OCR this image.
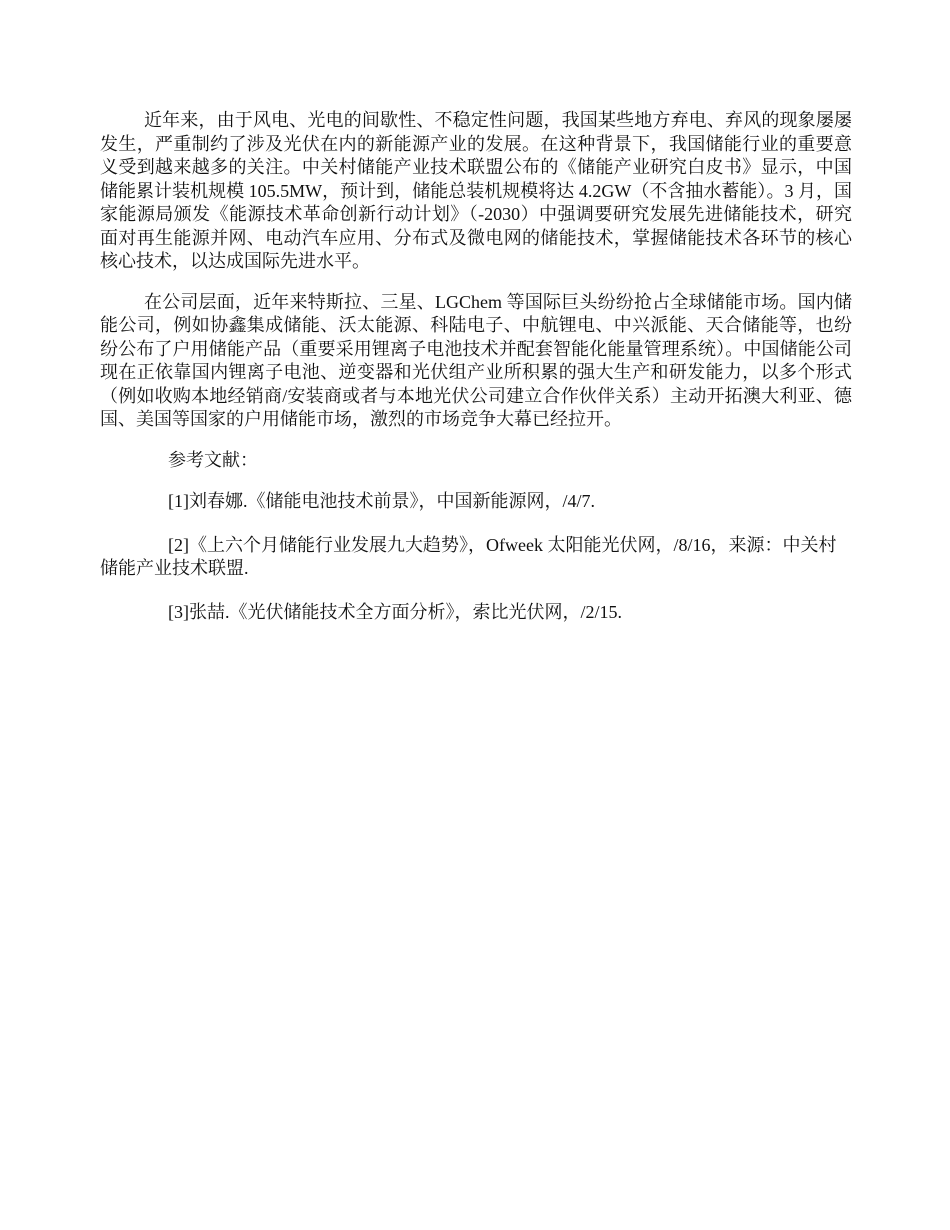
近年来，由于风电、光电的间歇性、不稳定性问题，我国某些地方弃电、弃风的现象屡屡发生，严重制约了涉及光伏在内的新能源产业的发展。在这种背景下，我国储能行业的重要意义受到越来越多的关注。中关村储能产业技术联盟公布的《储能产业研究白皮书》显示，中国储能累计装机规模 105.5MW，预计到，储能总装机规模将达 4.2GW（不含抽水蓄能）。3 月，国家能源局颁发《能源技术革命创新行动计划》（-2030）中强调要研究发展先进储能技术，研究面对再生能源并网、电动汽车应用、分布式及微电网的储能技术，掌握储能技术各环节的核心核心技术，以达成国际先进水平。

在公司层面，近年来特斯拉、三星、LGChem 等国际巨头纷纷抢占全球储能市场。国内储能公司，例如协鑫集成储能、沃太能源、科陆电子、中航锂电、中兴派能、天合储能等，也纷纷公布了户用储能产品（重要采用锂离子电池技术并配套智能化能量管理系统）。中国储能公司现在正依靠国内锂离子电池、逆变器和光伏组产业所积累的强大生产和研发能力，以多个形式（例如收购本地经销商/安装商或者与本地光伏公司建立合作伙伴关系）主动开拓澳大利亚、德国、美国等国家的户用储能市场，激烈的市场竞争大幕已经拉开。

参考文献：

[1]刘春娜.《储能电池技术前景》，中国新能源网，/4/7.

[2]《上六个月储能行业发展九大趋势》，Ofweek 太阳能光伏网，/8/16，来源：中关村储能产业技术联盟.

[3]张喆.《光伏储能技术全方面分析》，索比光伏网，/2/15.
